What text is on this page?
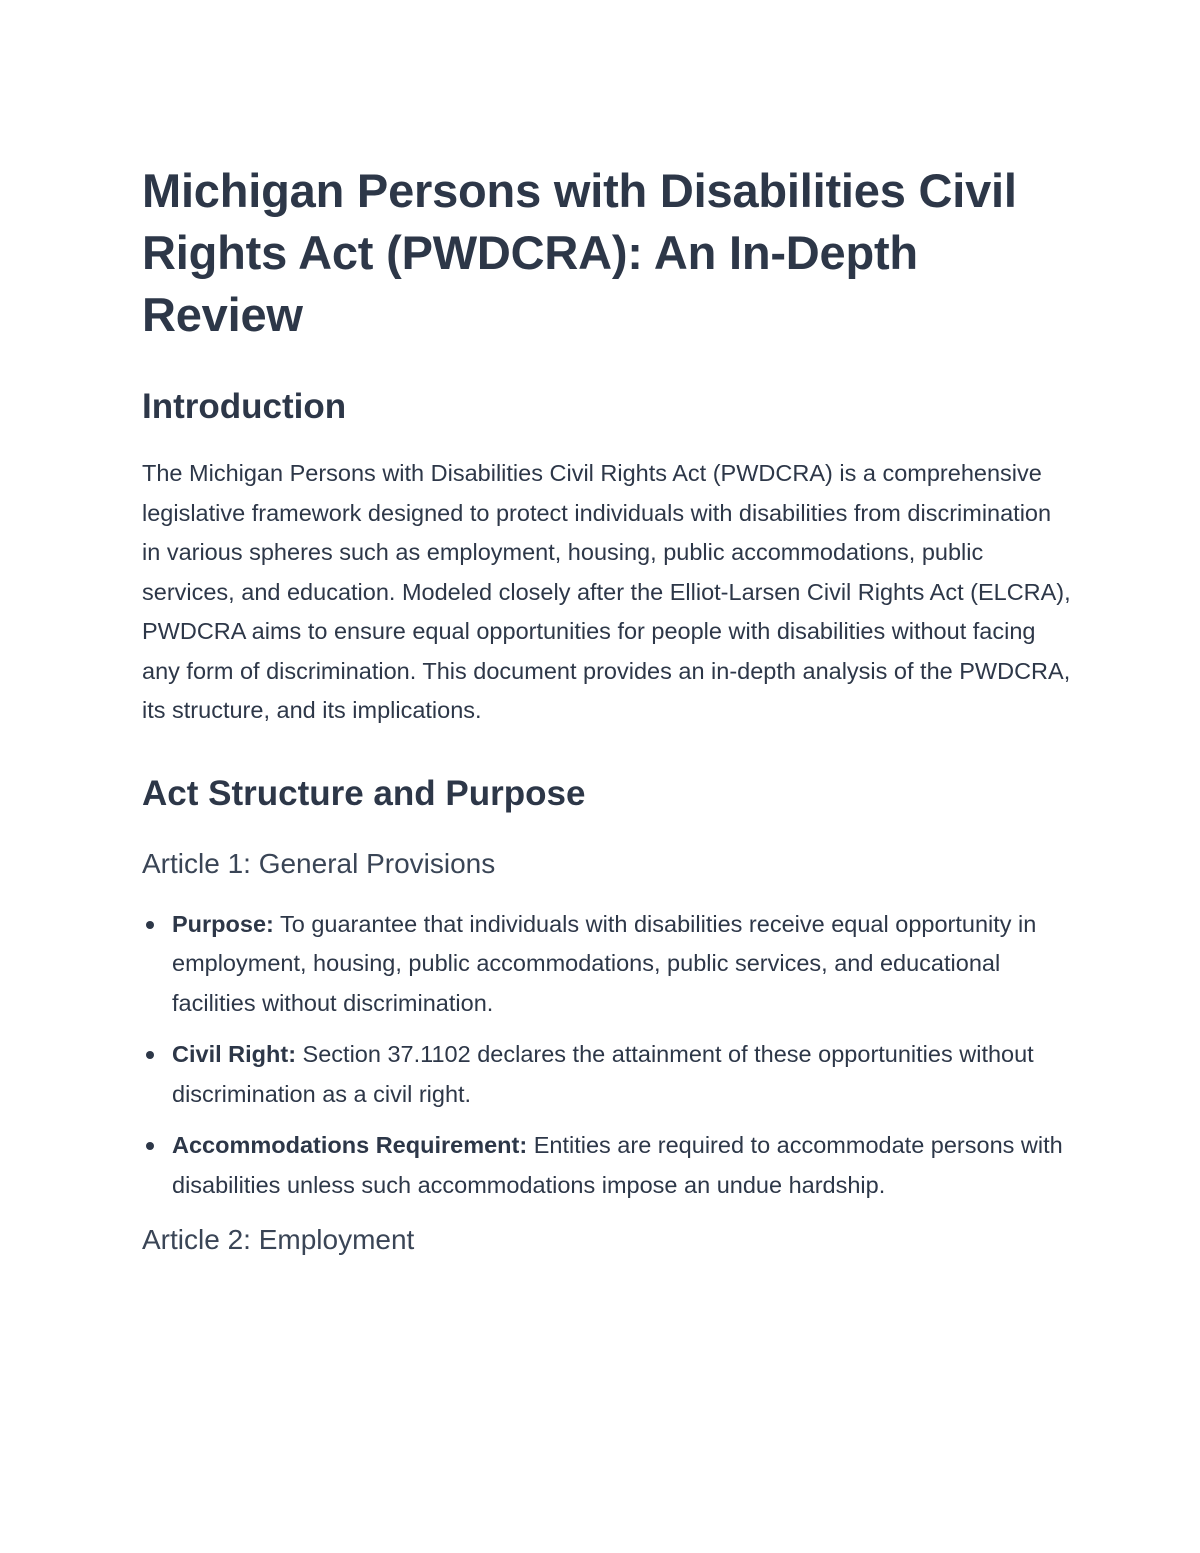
Michigan Persons with Disabilities Civil Rights Act (PWDCRA): An In-Depth Review
Introduction

The Michigan Persons with Disabilities Civil Rights Act (PWDCRA) is a comprehensive legislative framework designed to protect individuals with disabilities from discrimination in various spheres such as employment, housing, public accommodations, public services, and education. Modeled closely after the Elliot-Larsen Civil Rights Act (ELCRA), PWDCRA aims to ensure equal opportunities for people with disabilities without facing any form of discrimination. This document provides an in-depth analysis of the PWDCRA, its structure, and its implications.

Act Structure and Purpose
Article 1: General Provisions
Purpose: To guarantee that individuals with disabilities receive equal opportunity in employment, housing, public accommodations, public services, and educational facilities without discrimination.
Civil Right: Section 37.1102 declares the attainment of these opportunities without discrimination as a civil right.
Accommodations Requirement: Entities are required to accommodate persons with disabilities unless such accommodations impose an undue hardship.
Article 2: Employment
